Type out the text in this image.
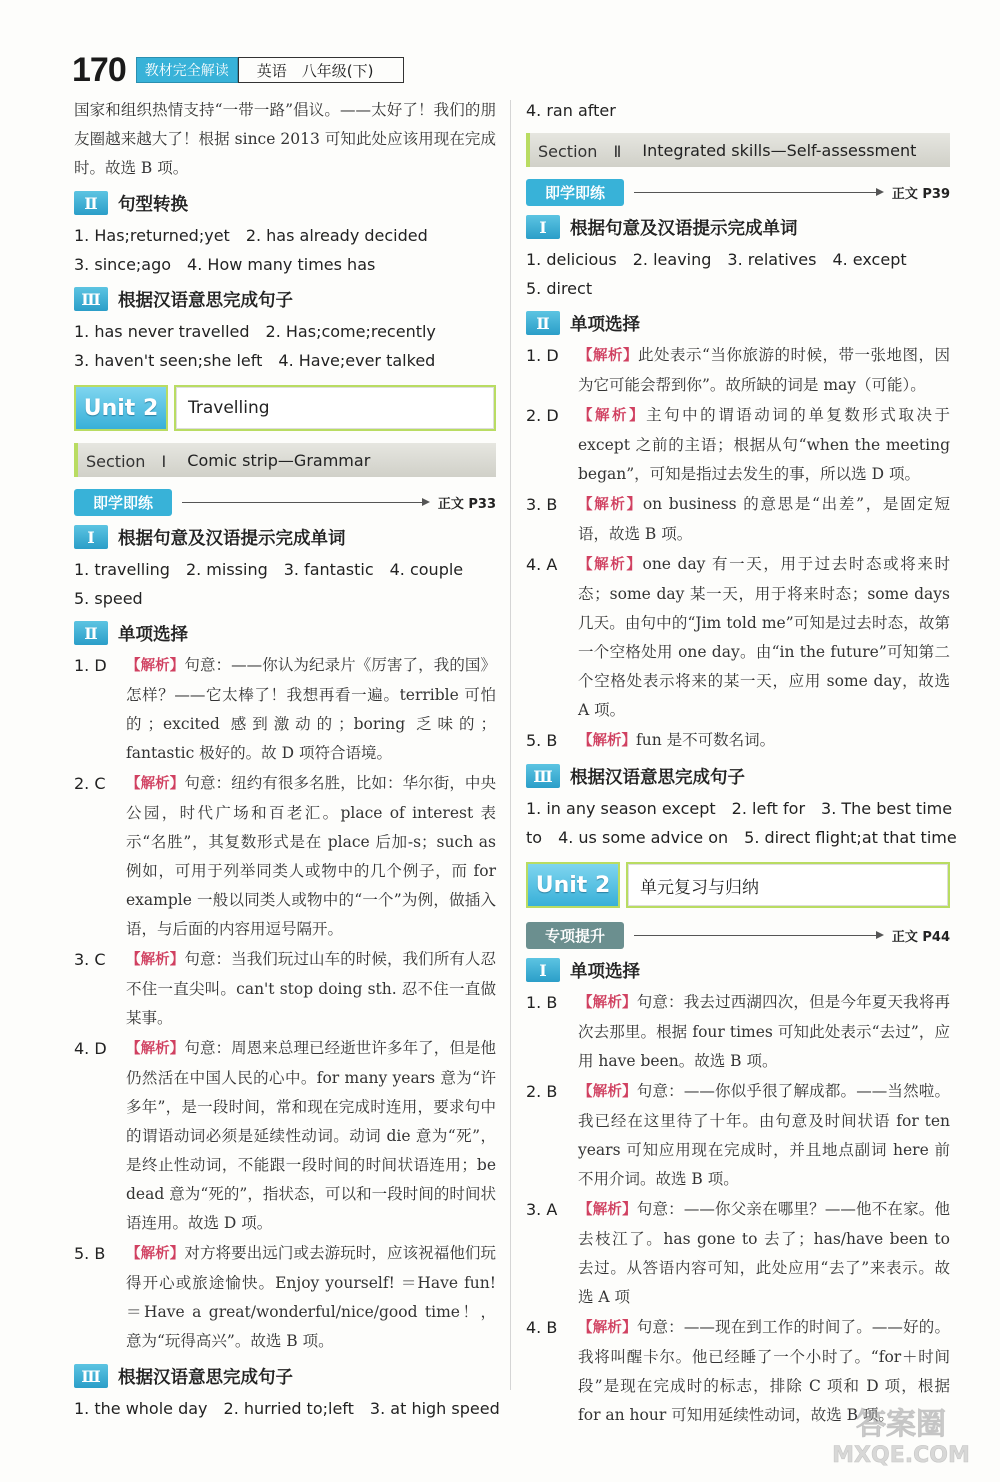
170	教材完全解读	英语　八年级(下)

国家和组织热情支持“一带一路”倡议。——太好了！我们的朋友圈越来越大了！根据 since 2013 可知此处应该用现在完成时。故选 B 项。

Ⅱ	句型转换
1. Has;returned;yet　2. has already decided
3. since;ago　4. How many times has
Ⅲ 根据汉语意思完成句子
1. has never travelled　2. Has;come;recently
3. haven't seen;she left　4. Have;ever talked
Unit 2	Travelling
Section　Ⅰ
Comic strip—Grammar
即学即练	正文 P33
Ⅰ	根据句意及汉语提示完成单词
1. travelling　2. missing　3. fantastic　4. couple
5. speed
Ⅱ	单项选择
1. D	【解析】句意：——你认为纪录片《厉害了，我的国》怎样？——它太棒了！我想再看一遍。terrible 可怕的；excited 感到激动的；boring 乏味的；fantastic 极好的。故 D 项符合语境。

2. C	【解析】句意：纽约有很多名胜，比如：华尔街，中央公园，时代广场和百老汇。place of interest 表示“名胜”，其复数形式是在 place 后加-s；such as 例如，可用于列举同类人或物中的几个例子，而 for example 一般以同类人或物中的“一个”为例，做插入语，与后面的内容用逗号隔开。

3. C	【解析】句意：当我们玩过山车的时候，我们所有人忍不住一直尖叫。can't stop doing sth. 忍不住一直做某事。

4. D	【解析】句意：周恩来总理已经逝世许多年了，但是他仍然活在中国人民的心中。for many years 意为“许多年”，是一段时间，常和现在完成时连用，要求句中的谓语动词必须是延续性动词。动词 die 意为“死”，是终止性动词，不能跟一段时间的时间状语连用；be dead 意为“死的”，指状态，可以和一段时间的时间状语连用。故选 D 项。

5. B	【解析】对方将要出远门或去游玩时，应该祝福他们玩得开心或旅途愉快。Enjoy yourself! ＝Have fun! ＝Have a great/wonderful/nice/good time！，意为“玩得高兴”。故选 B 项。

Ⅲ 根据汉语意思完成句子
1. the whole day　2. hurried to;left　3. at high speed
4. ran after
Section　Ⅱ
Integrated skills—Self-assessment
即学即练	正文 P39
Ⅰ	根据句意及汉语提示完成单词
1. delicious　2. leaving　3. relatives　4. except
5. direct
Ⅱ	单项选择
1. D	【解析】此处表示“当你旅游的时候，带一张地图，因为它可能会帮到你”。故所缺的词是 may（可能）。

2. D	【解析】主句中的谓语动词的单复数形式取决于 except 之前的主语；根据从句“when the meeting began”，可知是指过去发生的事，所以选 D 项。

3. B	【解析】on business 的意思是“出差”，是固定短语，故选 B 项。

4. A	【解析】one day 有一天，用于过去时态或将来时态；some day 某一天，用于将来时态；some days 几天。由句中的“Jim told me”可知是过去时态，故第一个空格处用 one day。由“in the future”可知第二个空格处表示将来的某一天，应用 some day，故选 A 项。

5. B	【解析】fun 是不可数名词。

Ⅲ 根据汉语意思完成句子
1. in any season except　2. left for　3. The best time
to　4. us some advice on　5. direct flight;at that time
Unit 2	单元复习与归纳
专项提升	正文 P44
Ⅰ	单项选择
1. B	【解析】句意：我去过西湖四次，但是今年夏天我将再次去那里。根据 four times 可知此处表示“去过”，应用 have been。故选 B 项。

2. B	【解析】句意：——你似乎很了解成都。——当然啦。我已经在这里待了十年。由句意及时间状语 for ten years 可知应用现在完成时，并且地点副词 here 前不用介词。故选 B 项。

3. A	【解析】句意：——你父亲在哪里？——他不在家。他去枝江了。has gone to 去了；has/have been to 去过。从答语内容可知，此处应用“去了”来表示。故选 A 项

4. B	【解析】句意：——现在到工作的时间了。——好的。我将叫醒卡尔。他已经睡了一个小时了。“for＋时间段”是现在完成时的标志，排除 C 项和 D 项，根据 for an hour 可知用延续性动词，故选 B 项。

答案圈
MXQE.COM
